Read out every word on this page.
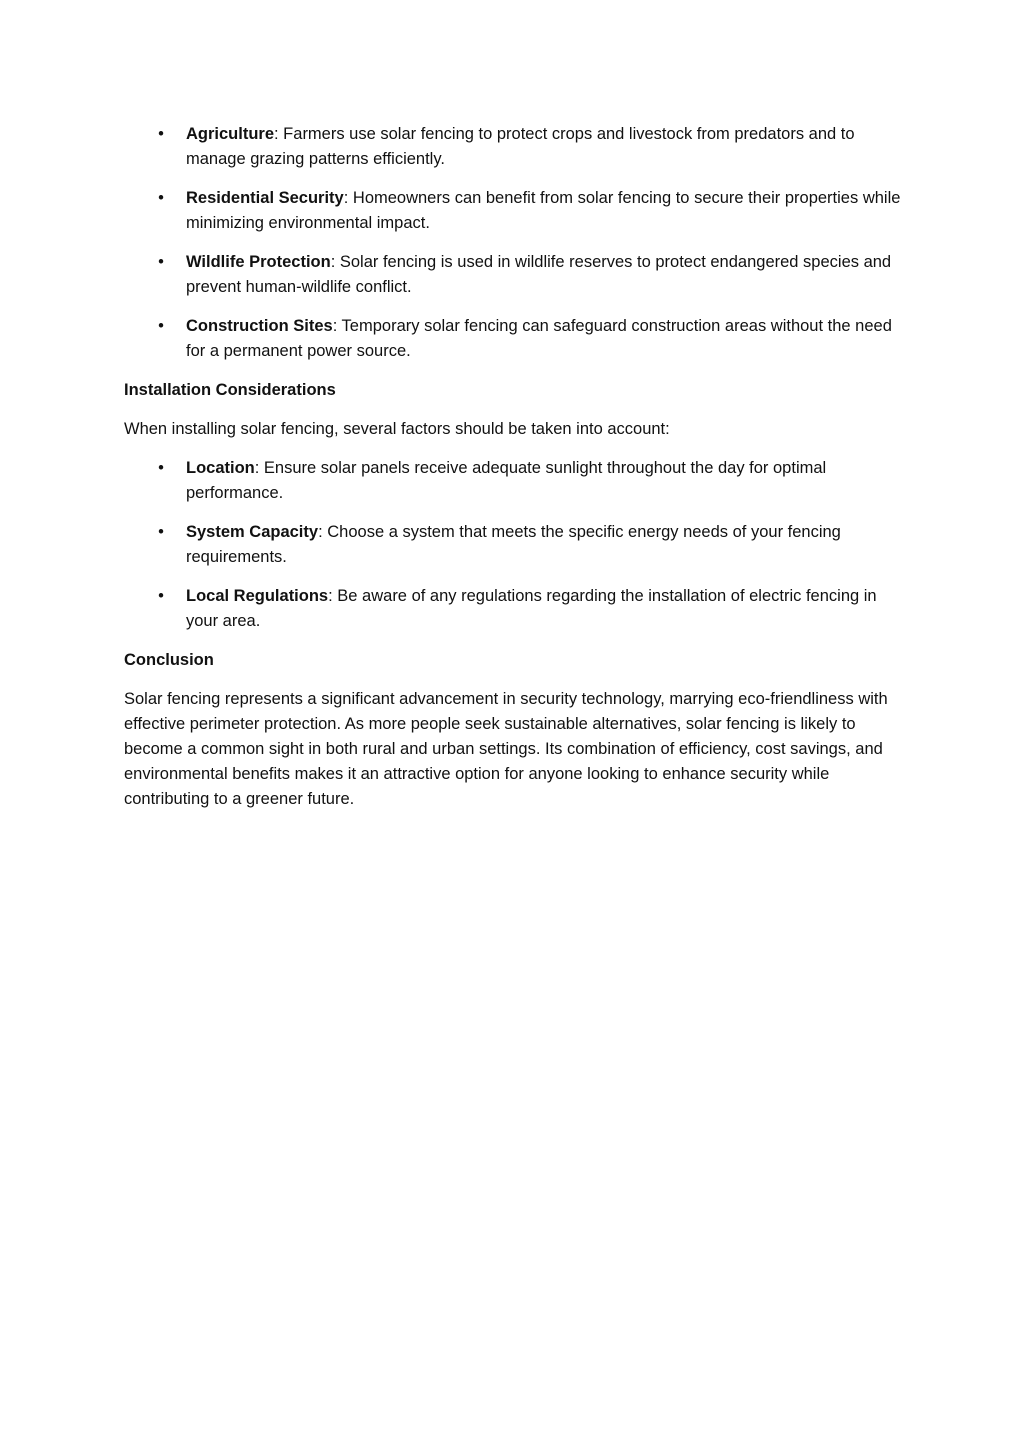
• Agriculture: Farmers use solar fencing to protect crops and livestock from predators and to manage grazing patterns efficiently.
• Residential Security: Homeowners can benefit from solar fencing to secure their properties while minimizing environmental impact.
• Wildlife Protection: Solar fencing is used in wildlife reserves to protect endangered species and prevent human-wildlife conflict.
• Construction Sites: Temporary solar fencing can safeguard construction areas without the need for a permanent power source.
Installation Considerations
When installing solar fencing, several factors should be taken into account:
• Location: Ensure solar panels receive adequate sunlight throughout the day for optimal performance.
• System Capacity: Choose a system that meets the specific energy needs of your fencing requirements.
• Local Regulations: Be aware of any regulations regarding the installation of electric fencing in your area.
Conclusion
Solar fencing represents a significant advancement in security technology, marrying eco-friendliness with effective perimeter protection. As more people seek sustainable alternatives, solar fencing is likely to become a common sight in both rural and urban settings. Its combination of efficiency, cost savings, and environmental benefits makes it an attractive option for anyone looking to enhance security while contributing to a greener future.
